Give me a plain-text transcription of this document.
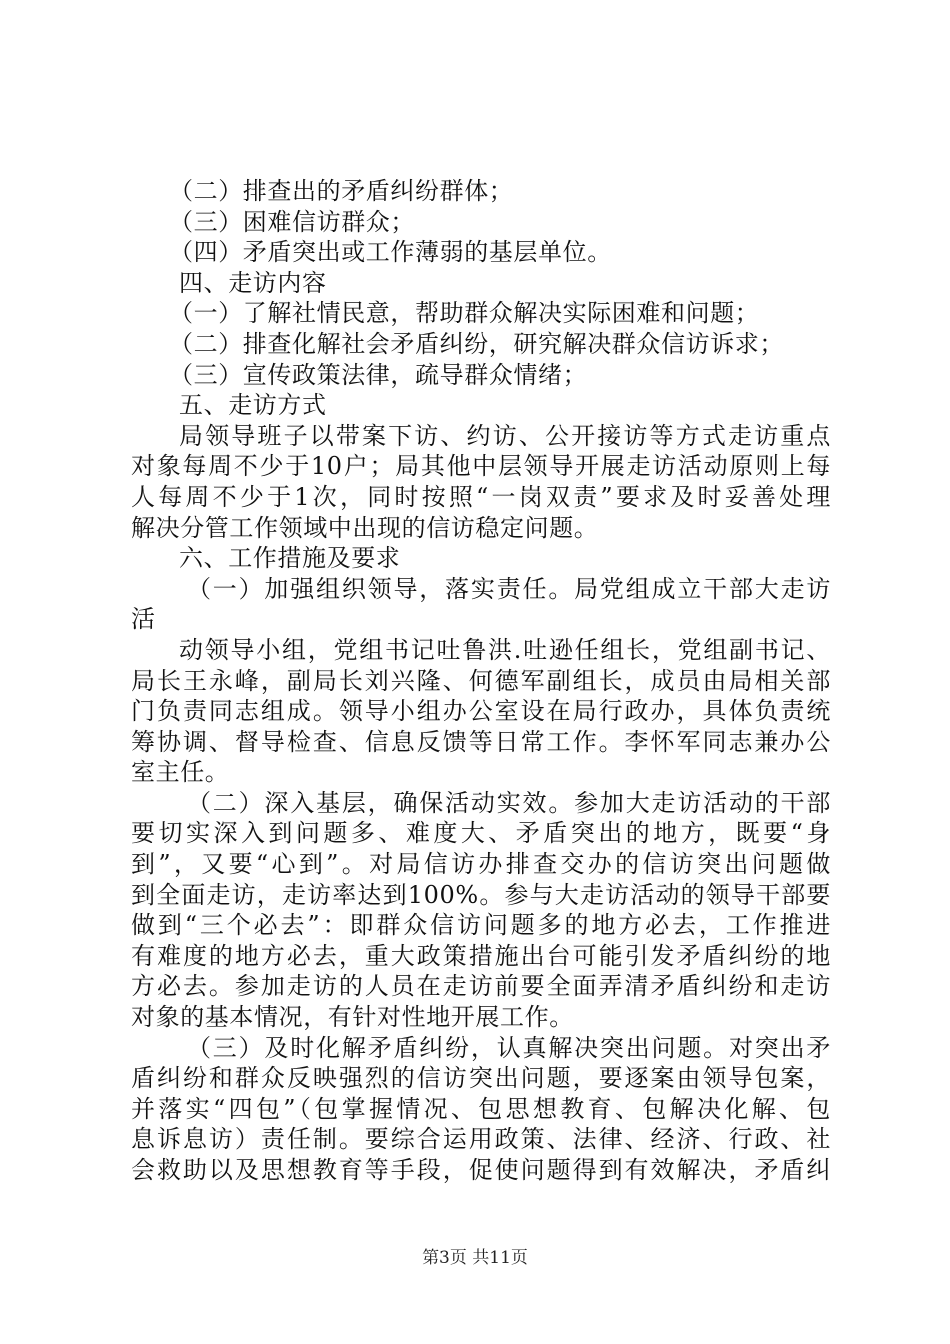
（二）排查出的矛盾纠纷群体；
（三）困难信访群众；
（四）矛盾突出或工作薄弱的基层单位。
四、走访内容
（一）了解社情民意，帮助群众解决实际困难和问题；
（二）排查化解社会矛盾纠纷，研究解决群众信访诉求；
（三）宣传政策法律，疏导群众情绪；
五、走访方式
局领导班子以带案下访、约访、公开接访等方式走访重点
对象每周不少于10户；局其他中层领导开展走访活动原则上每
人每周不少于1次，同时按照“一岗双责”要求及时妥善处理
解决分管工作领域中出现的信访稳定问题。
六、工作措施及要求
（一）加强组织领导，落实责任。局党组成立干部大走访
活
动领导小组，党组书记吐鲁洪.吐逊任组长，党组副书记、
局长王永峰，副局长刘兴隆、何德军副组长，成员由局相关部
门负责同志组成。领导小组办公室设在局行政办，具体负责统
筹协调、督导检查、信息反馈等日常工作。李怀军同志兼办公
室主任。
（二）深入基层，确保活动实效。参加大走访活动的干部
要切实深入到问题多、难度大、矛盾突出的地方，既要“身
到”，又要“心到”。对局信访办排查交办的信访突出问题做
到全面走访，走访率达到100%。参与大走访活动的领导干部要
做到“三个必去”：即群众信访问题多的地方必去，工作推进
有难度的地方必去，重大政策措施出台可能引发矛盾纠纷的地
方必去。参加走访的人员在走访前要全面弄清矛盾纠纷和走访
对象的基本情况，有针对性地开展工作。
（三）及时化解矛盾纠纷，认真解决突出问题。对突出矛
盾纠纷和群众反映强烈的信访突出问题，要逐案由领导包案，
并落实“四包”（包掌握情况、包思想教育、包解决化解、包
息诉息访）责任制。要综合运用政策、法律、经济、行政、社
会救助以及思想教育等手段，促使问题得到有效解决，矛盾纠
第3页 共11页
